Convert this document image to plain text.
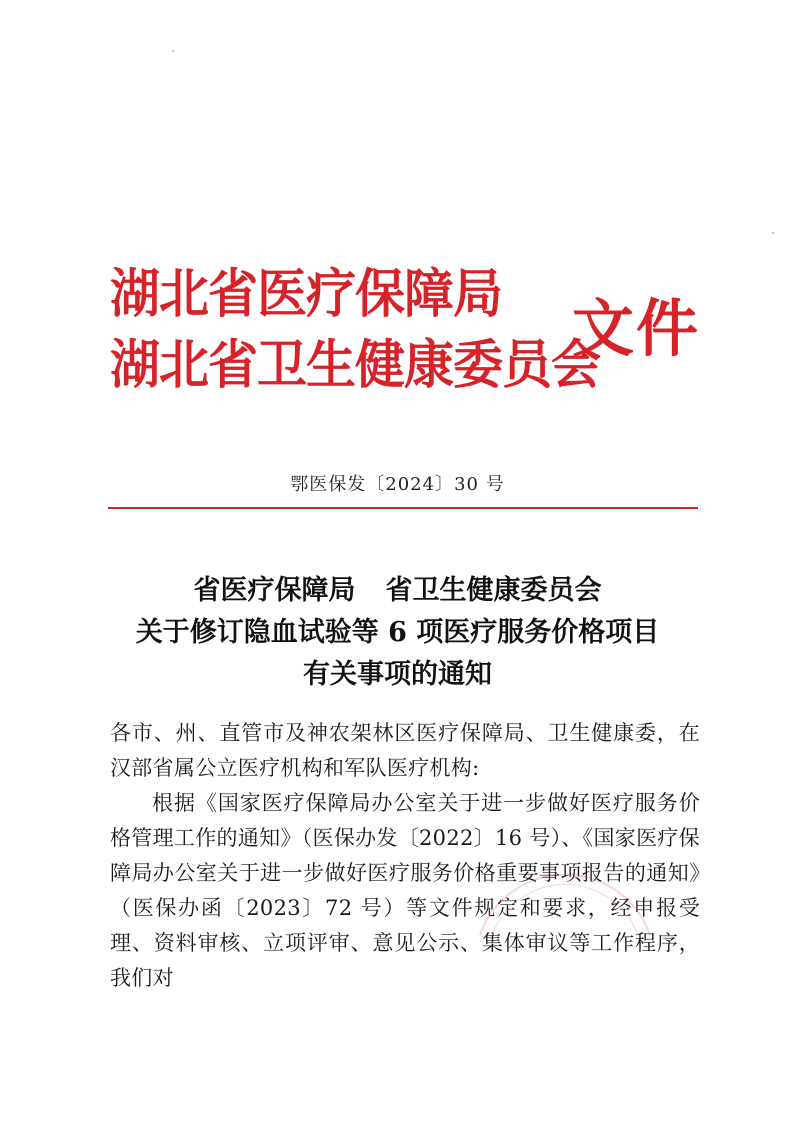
湖北省医疗保障局
湖北省卫生健康委员会
文件
鄂医保发〔2024〕30 号
省医疗保障局 省卫生健康委员会
关于修订隐血试验等 6 项医疗服务价格项目
有关事项的通知

各市、州、直管市及神农架林区医疗保障局、卫生健康委，在汉部省属公立医疗机构和军队医疗机构:

根据《国家医疗保障局办公室关于进一步做好医疗服务价格管理工作的通知》（医保办发〔2022〕16 号）、《国家医疗保障局办公室关于进一步做好医疗服务价格重要事项报告的通知》（医保办函〔2023〕72 号）等文件规定和要求，经申报受理、资料审核、立项评审、意见公示、集体审议等工作程序，我们对
